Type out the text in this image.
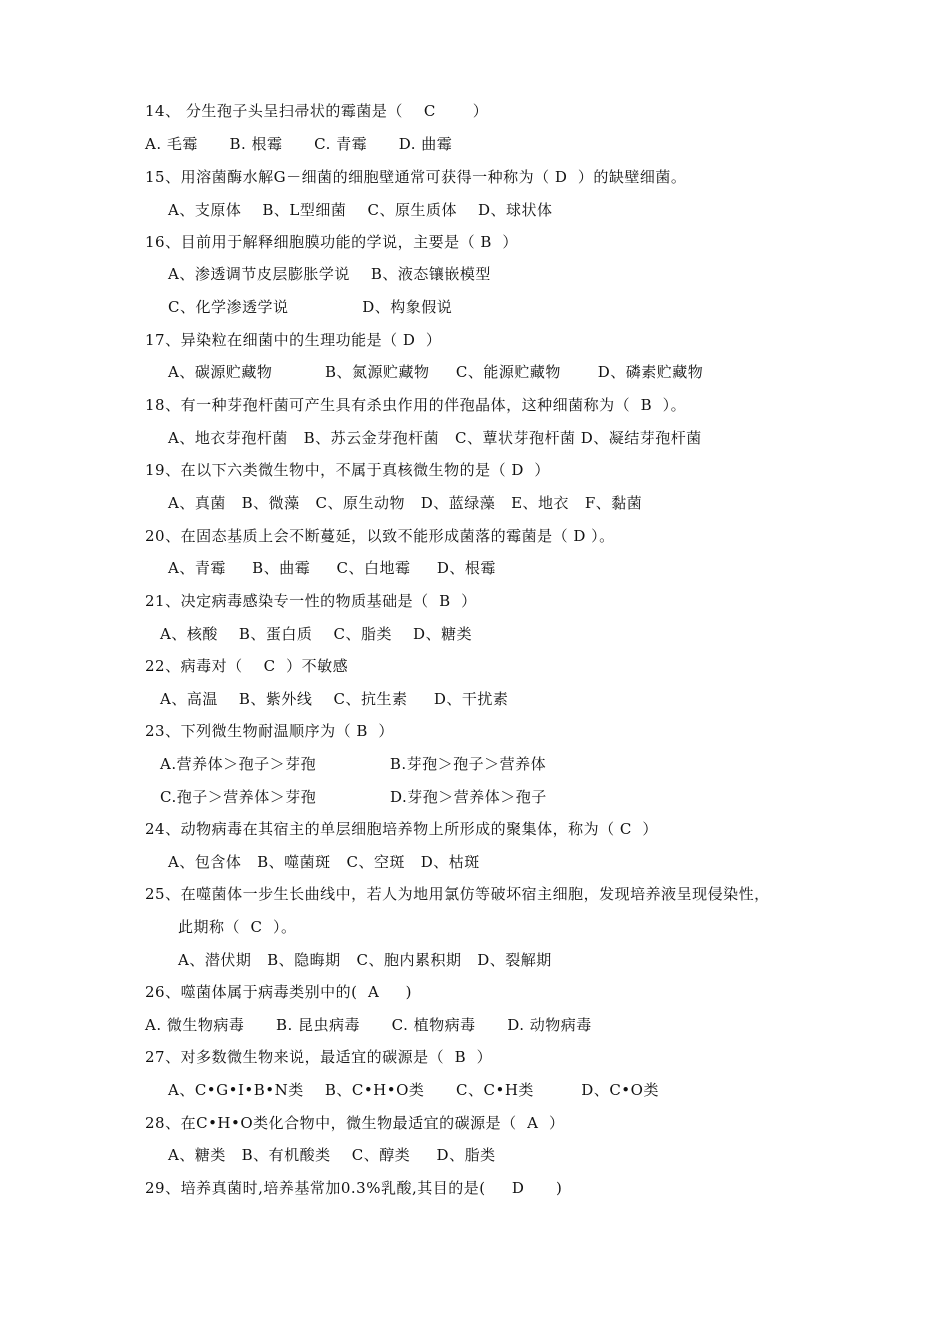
14、 分生孢子头呈扫帚状的霉菌是（    C       ）
A. 毛霉      B. 根霉      C. 青霉      D. 曲霉
15、用溶菌酶水解G－细菌的细胞壁通常可获得一种称为（ D  ）的缺壁细菌。
A、支原体    B、L型细菌    C、原生质体    D、球状体
16、目前用于解释细胞膜功能的学说，主要是（ B  ）
A、渗透调节皮层膨胀学说    B、液态镶嵌模型
C、化学渗透学说              D、构象假说
17、异染粒在细菌中的生理功能是（ D  ）
A、碳源贮藏物          B、氮源贮藏物     C、能源贮藏物       D、磷素贮藏物
18、有一种芽孢杆菌可产生具有杀虫作用的伴孢晶体，这种细菌称为（  B  ）。
A、地衣芽孢杆菌   B、苏云金芽孢杆菌   C、蕈状芽孢杆菌 D、凝结芽孢杆菌
19、在以下六类微生物中，不属于真核微生物的是（ D  ）
A、真菌   B、微藻   C、原生动物   D、蓝绿藻   E、地衣   F、黏菌
20、在固态基质上会不断蔓延，以致不能形成菌落的霉菌是（ D ）。
A、青霉     B、曲霉     C、白地霉     D、根霉
21、决定病毒感染专一性的物质基础是（  B  ）
A、核酸    B、蛋白质    C、脂类    D、糖类
22、病毒对（    C  ）不敏感
A、高温    B、紫外线    C、抗生素     D、干扰素
23、下列微生物耐温顺序为（ B  ）
A.营养体＞孢子＞芽孢              B.芽孢＞孢子＞营养体
C.孢子＞营养体＞芽孢              D.芽孢＞营养体＞孢子
24、动物病毒在其宿主的单层细胞培养物上所形成的聚集体，称为（ C  ）
A、包含体   B、噬菌斑   C、空斑   D、枯斑
25、在噬菌体一步生长曲线中，若人为地用氯仿等破坏宿主细胞，发现培养液呈现侵染性，
此期称（  C  ）。
A、潜伏期   B、隐晦期   C、胞内累积期   D、裂解期
26、噬菌体属于病毒类别中的(  A     )
A. 微生物病毒      B. 昆虫病毒      C. 植物病毒      D. 动物病毒
27、对多数微生物来说，最适宜的碳源是（  B  ）
A、C•G•I•B•N类    B、C•H•O类      C、C•H类         D、C•O类
28、在C•H•O类化合物中，微生物最适宜的碳源是（  A  ）
A、糖类   B、有机酸类    C、醇类     D、脂类
29、培养真菌时,培养基常加0.3%乳酸,其目的是(     D      )
